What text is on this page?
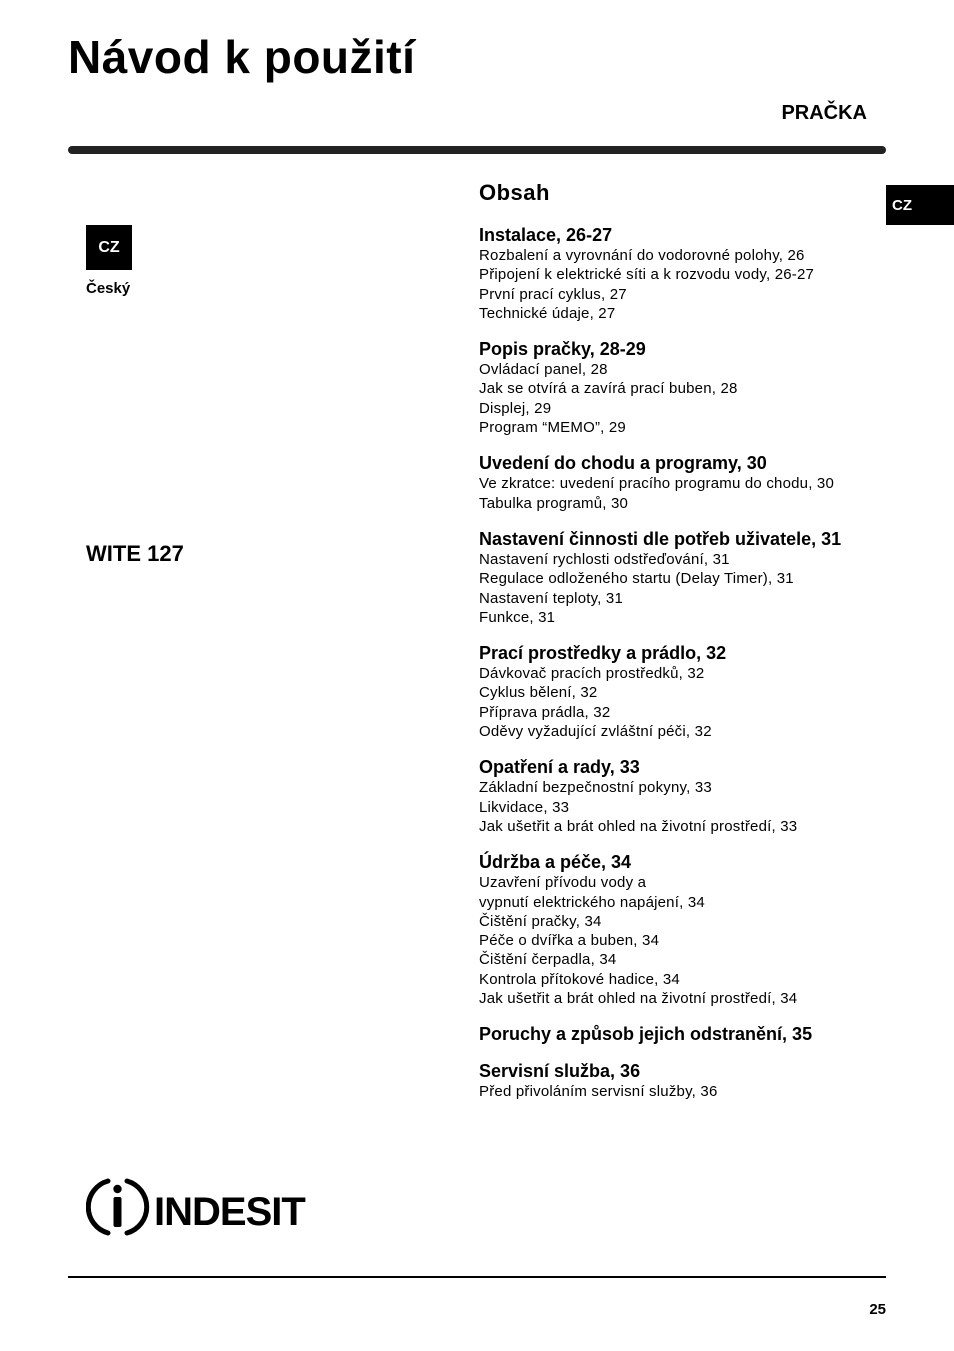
Návod k použití
PRAČKA
CZ
CZ
Český
WITE 127
Obsah
Instalace, 26-27
Rozbalení a vyrovnání do vodorovné polohy, 26
Připojení k elektrické síti a k rozvodu vody, 26-27
První prací cyklus, 27
Technické údaje, 27
Popis pračky, 28-29
Ovládací panel, 28
Jak se otvírá a zavírá prací buben, 28
Displej, 29
Program “MEMO”, 29
Uvedení do chodu a programy, 30
Ve zkratce: uvedení pracího programu do chodu, 30
Tabulka programů, 30
Nastavení činnosti dle potřeb uživatele, 31
Nastavení rychlosti odstřeďování, 31
Regulace odloženého startu (Delay Timer), 31
Nastavení teploty, 31
Funkce, 31
Prací prostředky a prádlo, 32
Dávkovač pracích prostředků, 32
Cyklus bělení, 32
Příprava prádla, 32
Oděvy vyžadující zvláštní péči, 32
Opatření a rady, 33
Základní bezpečnostní pokyny, 33
Likvidace, 33
Jak ušetřit a brát ohled na životní prostředí, 33
Údržba a péče, 34
Uzavření přívodu vody a
vypnutí elektrického napájení, 34
Čištění pračky, 34
Péče o dvířka a buben, 34
Čištění čerpadla, 34
Kontrola přítokové hadice, 34
Jak ušetřit a brát ohled na životní prostředí, 34
Poruchy a způsob jejich odstranění, 35
Servisní služba, 36
Před přivoláním servisní služby, 36
INDESIT
25
